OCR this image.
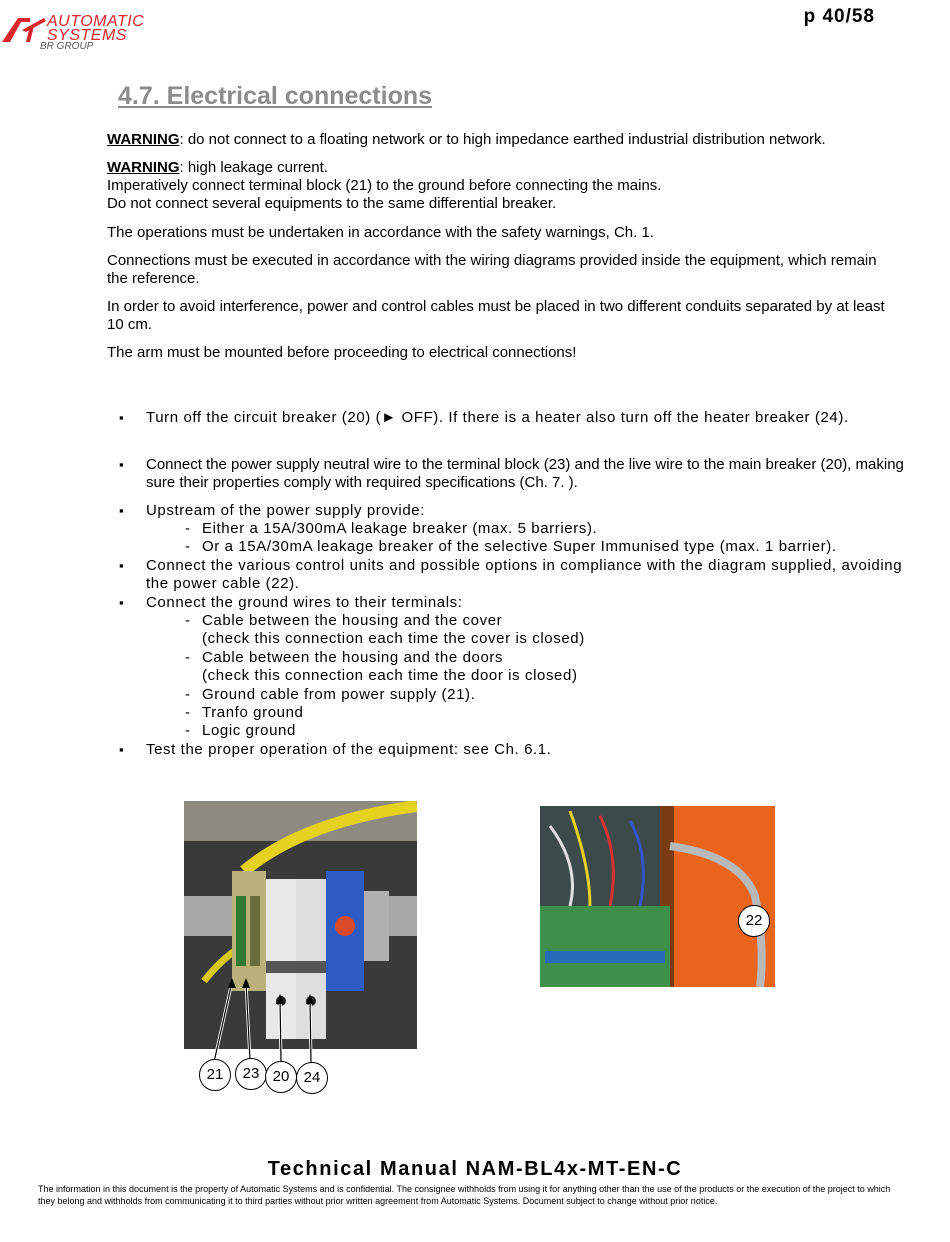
AUTOMATIC
SYSTEMS
BR GROUP
p 40/58
4.7. Electrical connections
WARNING: do not connect to a floating network or to high impedance earthed industrial distribution network.
WARNING: high leakage current.
Imperatively connect terminal block (21) to the ground before connecting the mains.
Do not connect several equipments to the same differential breaker.
The operations must be undertaken in accordance with the safety warnings, Ch. 1.
Connections must be executed in accordance with the wiring diagrams provided inside the equipment, which remain the reference.
In order to avoid interference, power and control cables must be placed in two different conduits separated by at least 10 cm.
The arm must be mounted before proceeding to electrical connections!
▪ Turn off the circuit breaker (20) (► OFF). If there is a heater also turn off the heater breaker (24).
▪ Connect the power supply neutral wire to the terminal block (23) and the live wire to the main breaker (20), making sure their properties comply with required specifications (Ch. 7. ).
▪ Upstream of the power supply provide:
- Either a 15A/300mA leakage breaker (max. 5 barriers).
- Or a 15A/30mA leakage breaker of the selective Super Immunised type (max. 1 barrier).
▪ Connect the various control units and possible options in compliance with the diagram supplied, avoiding the power cable (22).
▪ Connect the ground wires to their terminals:
- Cable between the housing and the cover
(check this connection each time the cover is closed)
- Cable between the housing and the doors
(check this connection each time the door is closed)
- Ground cable from power supply (21).
- Tranfo ground
- Logic ground
▪ Test the proper operation of the equipment: see Ch. 6.1.
21	23 20 24
22
Technical Manual NAM-BL4x-MT-EN-C
The information in this document is the property of Automatic Systems and is confidential. The consignee withholds from using it for anything other than the use of the products or the execution of the project to which they belong and withholds from communicating it to third parties without prior written agreement from Automatic Systems. Document subject to change without prior notice.
